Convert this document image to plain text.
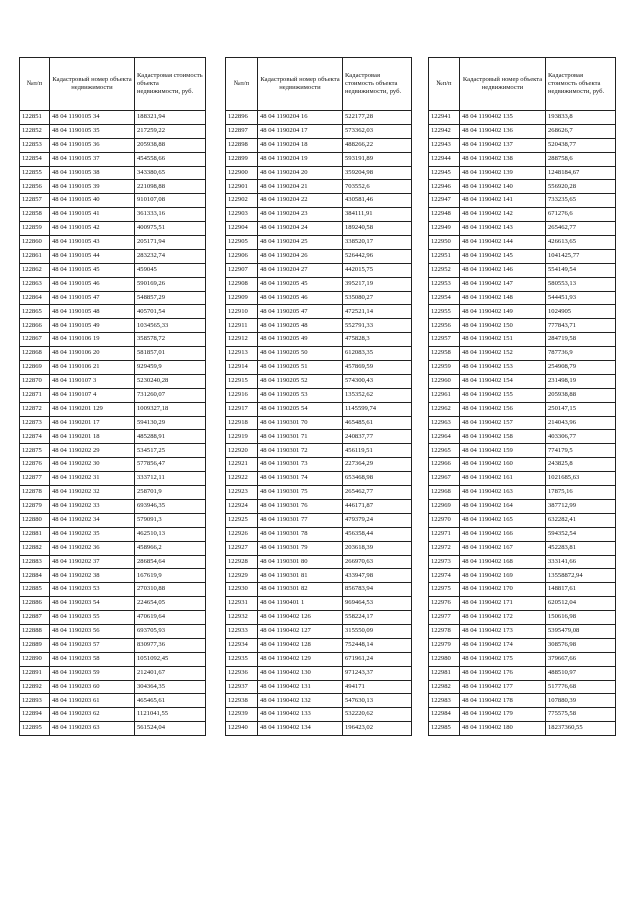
№п/п	Кадастровый номер объекта недвижимости	Кадастровая стоимость объекта недвижимости, руб.
122851	48 04 1190105 34	188321,94
122852	48 04 1190105 35	217259,22
122853	48 04 1190105 36	205938,88
122854	48 04 1190105 37	454558,66
122855	48 04 1190105 38	343380,65
122856	48 04 1190105 39	221098,88
122857	48 04 1190105 40	910107,08
122858	48 04 1190105 41	361333,16
122859	48 04 1190105 42	400975,51
122860	48 04 1190105 43	205171,94
122861	48 04 1190105 44	283232,74
122862	48 04 1190105 45	459045
122863	48 04 1190105 46	590169,26
122864	48 04 1190105 47	548857,29
122865	48 04 1190105 48	405701,54
122866	48 04 1190105 49	1034565,33
122867	48 04 1190106 19	358578,72
122868	48 04 1190106 20	581857,01
122869	48 04 1190106 21	929459,9
122870	48 04 1190107 3	5230240,28
122871	48 04 1190107 4	731260,07
122872	48 04 1190201 129	1009327,18
122873	48 04 1190201 17	594130,29
122874	48 04 1190201 18	485288,91
122875	48 04 1190202 29	534517,25
122876	48 04 1190202 30	577856,47
122877	48 04 1190202 31	333712,11
122878	48 04 1190202 32	258701,9
122879	48 04 1190202 33	693946,35
122880	48 04 1190202 34	579091,3
122881	48 04 1190202 35	462510,13
122882	48 04 1190202 36	458966,2
122883	48 04 1190202 37	286854,64
122884	48 04 1190202 38	167619,9
122885	48 04 1190203 53	270310,88
122886	48 04 1190203 54	224654,05
122887	48 04 1190203 55	470619,64
122888	48 04 1190203 56	693705,93
122889	48 04 1190203 57	830977,36
122890	48 04 1190203 58	1051092,45
122891	48 04 1190203 59	212401,67
122892	48 04 1190203 60	304364,35
122893	48 04 1190203 61	465465,61
122894	48 04 1190203 62	1121041,55
122895	48 04 1190203 63	561524,04
№п/п	Кадастровый номер объекта недвижимости	Кадастровая стоимость объекта недвижимости, руб.
122896	48 04 1190204 16	522177,28
122897	48 04 1190204 17	573362,03
122898	48 04 1190204 18	488266,22
122899	48 04 1190204 19	593191,89
122900	48 04 1190204 20	359204,98
122901	48 04 1190204 21	703552,6
122902	48 04 1190204 22	430581,46
122903	48 04 1190204 23	384111,91
122904	48 04 1190204 24	189240,58
122905	48 04 1190204 25	338520,17
122906	48 04 1190204 26	526442,96
122907	48 04 1190204 27	442015,75
122908	48 04 1190205 45	395217,19
122909	48 04 1190205 46	535080,27
122910	48 04 1190205 47	472521,14
122911	48 04 1190205 48	552791,33
122912	48 04 1190205 49	475828,3
122913	48 04 1190205 50	612083,35
122914	48 04 1190205 51	457869,59
122915	48 04 1190205 52	574300,43
122916	48 04 1190205 53	135352,62
122917	48 04 1190205 54	1145599,74
122918	48 04 1190301 70	465485,61
122919	48 04 1190301 71	240837,77
122920	48 04 1190301 72	456119,51
122921	48 04 1190301 73	227364,29
122922	48 04 1190301 74	653468,98
122923	48 04 1190301 75	265462,77
122924	48 04 1190301 76	446171,87
122925	48 04 1190301 77	479379,24
122926	48 04 1190301 78	456358,44
122927	48 04 1190301 79	203618,39
122928	48 04 1190301 80	266970,63
122929	48 04 1190301 81	433947,98
122930	48 04 1190301 82	856783,94
122931	48 04 1190401 1	969464,53
122932	48 04 1190402 126	558224,17
122933	48 04 1190402 127	315550,09
122934	48 04 1190402 128	752448,14
122935	48 04 1190402 129	671961,24
122936	48 04 1190402 130	971243,37
122937	48 04 1190402 131	494171
122938	48 04 1190402 132	547630,13
122939	48 04 1190402 133	532220,62
122940	48 04 1190402 134	196423,02
№п/п	Кадастровый номер объекта недвижимости	Кадастровая стоимость объекта недвижимости, руб.
122941	48 04 1190402 135	193833,8
122942	48 04 1190402 136	268626,7
122943	48 04 1190402 137	520438,77
122944	48 04 1190402 138	288758,6
122945	48 04 1190402 139	1248184,67
122946	48 04 1190402 140	556920,28
122947	48 04 1190402 141	733235,65
122948	48 04 1190402 142	671276,6
122949	48 04 1190402 143	265462,77
122950	48 04 1190402 144	426613,65
122951	48 04 1190402 145	1041425,77
122952	48 04 1190402 146	554149,54
122953	48 04 1190402 147	580553,13
122954	48 04 1190402 148	544451,93
122955	48 04 1190402 149	1024905
122956	48 04 1190402 150	777843,71
122957	48 04 1190402 151	284719,58
122958	48 04 1190402 152	787736,9
122959	48 04 1190402 153	254908,79
122960	48 04 1190402 154	231498,19
122961	48 04 1190402 155	205938,88
122962	48 04 1190402 156	250147,15
122963	48 04 1190402 157	214043,96
122964	48 04 1190402 158	403306,77
122965	48 04 1190402 159	774179,5
122966	48 04 1190402 160	243825,8
122967	48 04 1190402 161	1021685,63
122968	48 04 1190402 163	17875,16
122969	48 04 1190402 164	387712,99
122970	48 04 1190402 165	632282,41
122971	48 04 1190402 166	594352,54
122972	48 04 1190402 167	452283,81
122973	48 04 1190402 168	333141,66
122974	48 04 1190402 169	13558872,94
122975	48 04 1190402 170	148817,61
122976	48 04 1190402 171	620512,04
122977	48 04 1190402 172	150616,98
122978	48 04 1190402 173	5395479,08
122979	48 04 1190402 174	308576,98
122980	48 04 1190402 175	379667,66
122981	48 04 1190402 176	488510,97
122982	48 04 1190402 177	517776,68
122983	48 04 1190402 178	107880,39
122984	48 04 1190402 179	775575,58
122985	48 04 1190402 180	18237360,55
